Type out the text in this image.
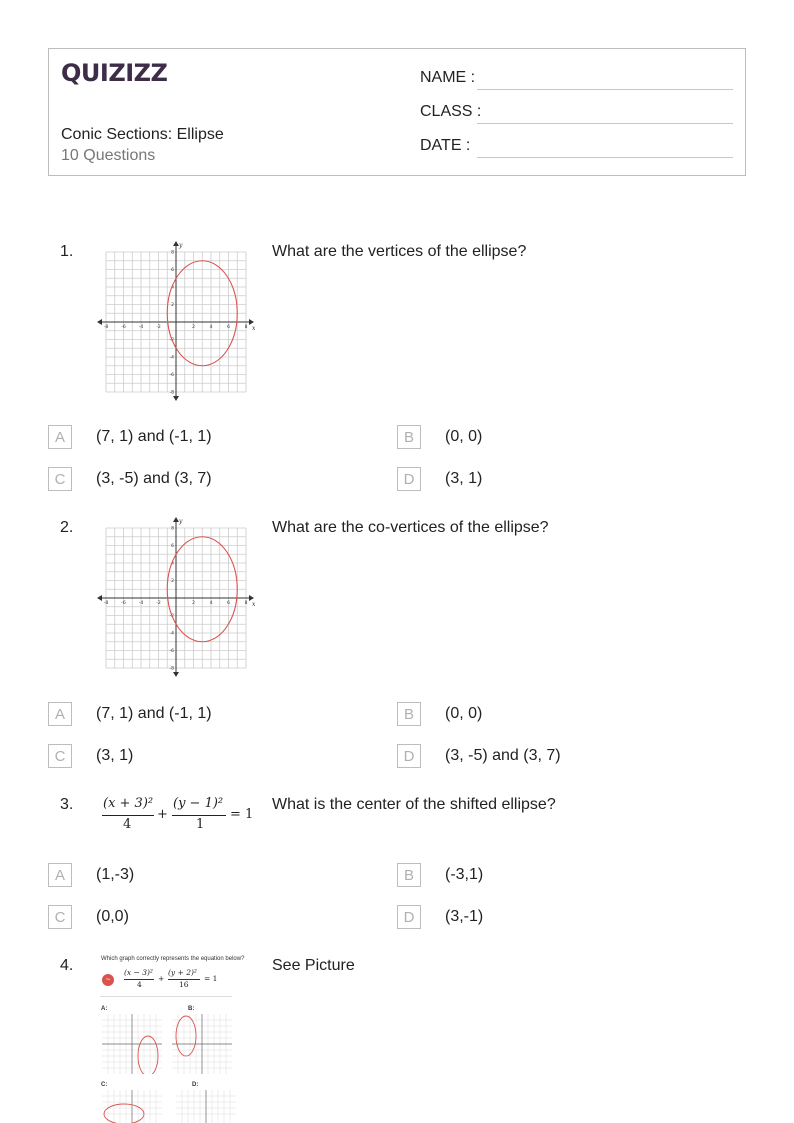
QUIZIZZ
Conic Sections: Ellipse
10 Questions
NAME :
CLASS :
DATE :
1.
x
y
-8	-6	-4	-2	2	4	6	8
8
6
4
2
-2
-4
-6
-8
What are the vertices of the ellipse?
A	(7, 1) and (-1, 1)	B	(0, 0)
C	(3, -5) and (3, 7)	D	(3, 1)
2.
x
y
-8	-6	-4	-2	2	4	6	8
8
6
4
2
-2
-4
-6
-8
What are the co-vertices of the ellipse?
A	(7, 1) and (-1, 1)	B	(0, 0)
C	(3, 1)	D	(3, -5) and (3, 7)
3. (x + 3)²
4
+
(y − 1)²
1
= 1
What is the center of the shifted ellipse?
A	(1,-3)	B	(-3,1)
C	(0,0)	D	(3,-1)
4.	See Picture
Which graph correctly represents the equation below?
~
(x − 3)²
4
+
(y + 2)²
16
= 1
A:	B:
C:	D:
